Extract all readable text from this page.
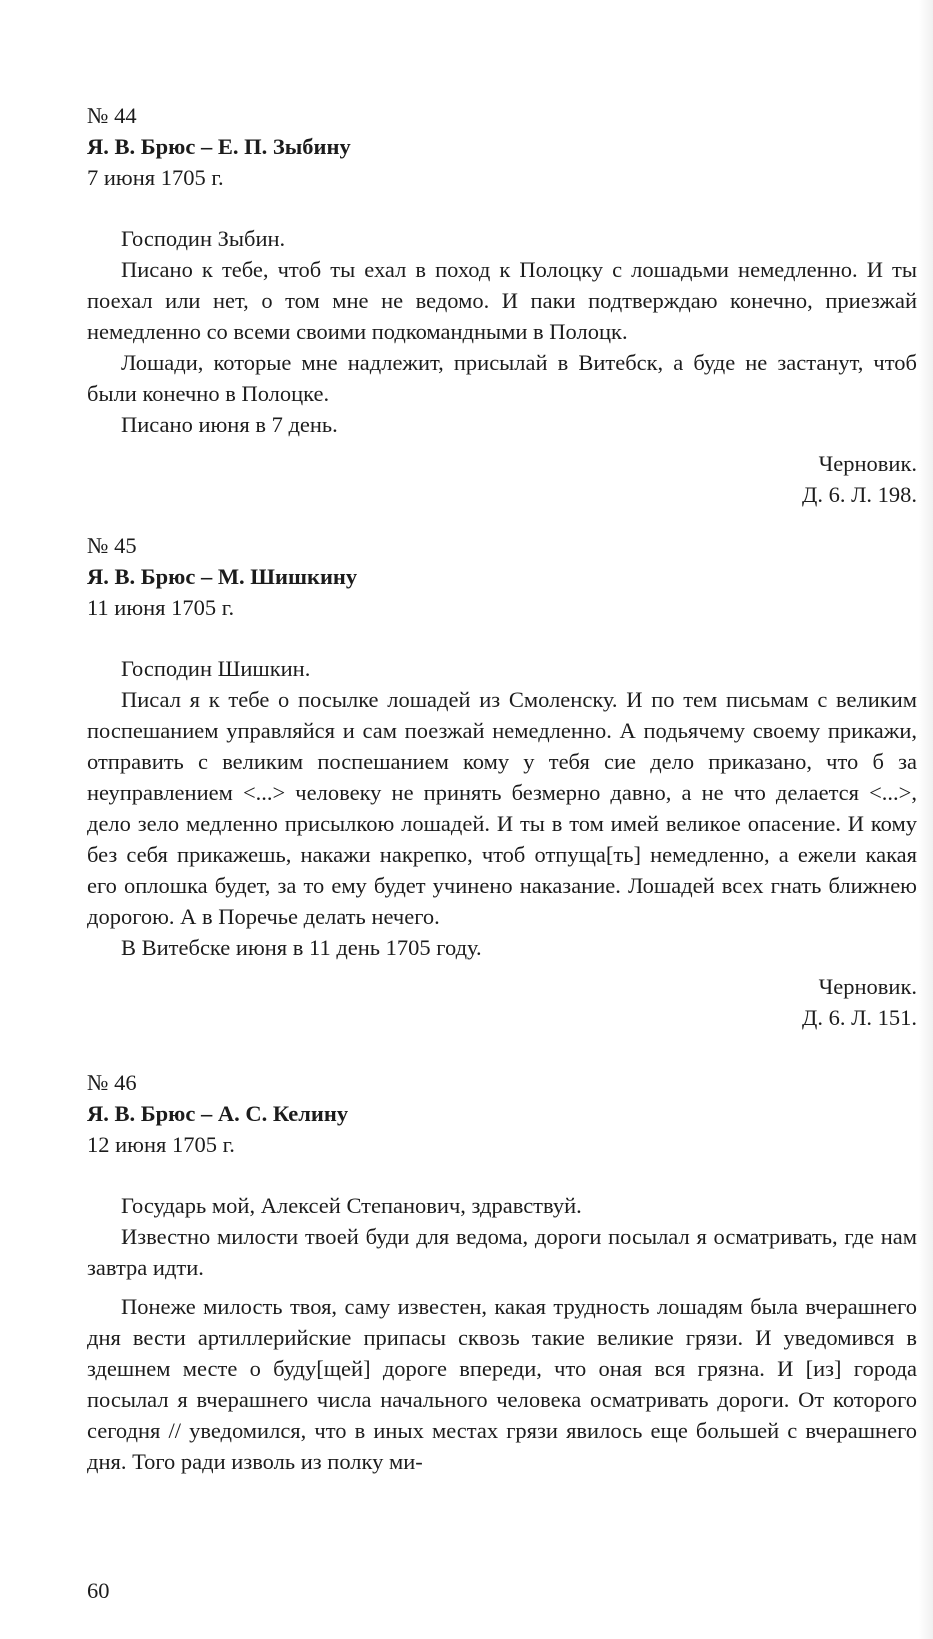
№ 44

Я. В. Брюс – Е. П. Зыбину

7 июня 1705 г.

Господин Зыбин.

Писано к тебе, чтоб ты ехал в поход к Полоцку с лошадьми немедленно. И ты поехал или нет, о том мне не ведомо. И паки подтверждаю конечно, приезжай немедленно со всеми своими подкомандными в Полоцк.

Лошади, которые мне надлежит, присылай в Витебск, а буде не застанут, чтоб были конечно в Полоцке.

Писано июня в 7 день.

Черновик.

Д. 6. Л. 198.

№ 45

Я. В. Брюс – М. Шишкину

11 июня 1705 г.

Господин Шишкин.

Писал я к тебе о посылке лошадей из Смоленску. И по тем письмам с великим поспешанием управляйся и сам поезжай немедленно. А подьячему своему прикажи, отправить с великим поспешанием кому у тебя сие дело приказано, что б за неуправлением <...> человеку не принять безмерно давно, а не что делается <...>, дело зело медленно присылкою лошадей. И ты в том имей великое опасение. И кому без себя прикажешь, накажи накрепко, чтоб отпуща[ть] немедленно, а ежели какая его оплошка будет, за то ему будет учинено наказание. Лошадей всех гнать ближнею дорогою. А в Поречье делать нечего.

В Витебске июня в 11 день 1705 году.

Черновик.

Д. 6. Л. 151.

№ 46

Я. В. Брюс – А. С. Келину

12 июня 1705 г.

Государь мой, Алексей Степанович, здравствуй.

Известно милости твоей буди для ведома, дороги посылал я осматривать, где нам завтра идти.

Понеже милость твоя, саму известен, какая трудность лошадям была вчерашнего дня вести артиллерийские припасы сквозь такие великие грязи. И уведомився в здешнем месте о буду[щей] дороге впереди, что оная вся грязна. И [из] города посылал я вчерашнего числа начального человека осматривать дороги. От которого сегодня // уведомился, что в иных местах грязи явилось еще большей с вчерашнего дня. Того ради изволь из полку ми-

60
